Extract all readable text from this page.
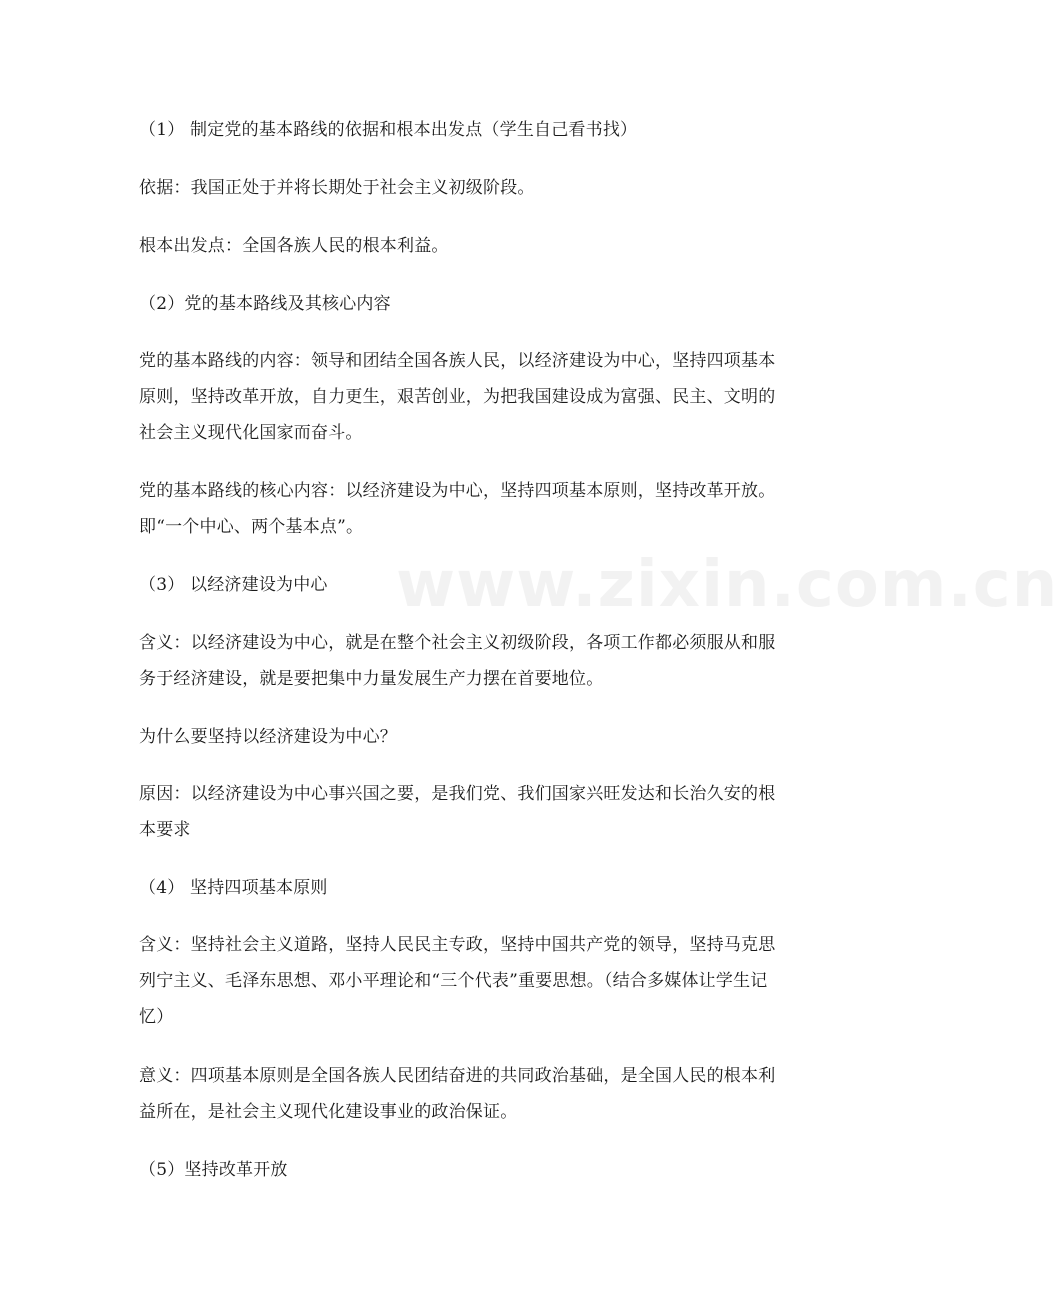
www.zixin.com.cn

（1） 制定党的基本路线的依据和根本出发点（学生自己看书找）

依据：我国正处于并将长期处于社会主义初级阶段。

根本出发点：全国各族人民的根本利益。

（2）党的基本路线及其核心内容

党的基本路线的内容：领导和团结全国各族人民，以经济建设为中心，坚持四项基本原则，坚持改革开放，自力更生，艰苦创业，为把我国建设成为富强、民主、文明的社会主义现代化国家而奋斗。

党的基本路线的核心内容：以经济建设为中心，坚持四项基本原则，坚持改革开放。即“一个中心、两个基本点”。

（3） 以经济建设为中心

含义：以经济建设为中心，就是在整个社会主义初级阶段，各项工作都必须服从和服务于经济建设，就是要把集中力量发展生产力摆在首要地位。

为什么要坚持以经济建设为中心？

原因：以经济建设为中心事兴国之要，是我们党、我们国家兴旺发达和长治久安的根本要求

（4） 坚持四项基本原则

含义：坚持社会主义道路，坚持人民民主专政，坚持中国共产党的领导，坚持马克思列宁主义、毛泽东思想、邓小平理论和“三个代表”重要思想。（结合多媒体让学生记忆）

意义：四项基本原则是全国各族人民团结奋进的共同政治基础，是全国人民的根本利益所在，是社会主义现代化建设事业的政治保证。

（5）坚持改革开放
